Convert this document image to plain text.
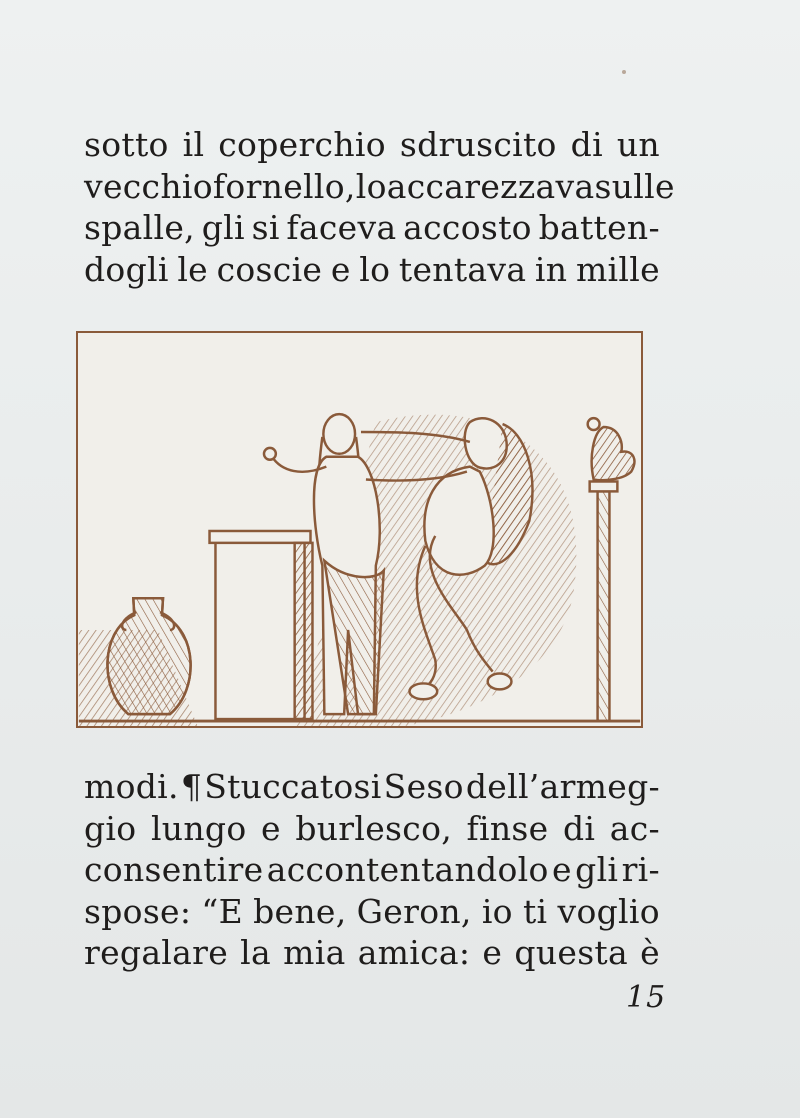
sotto il coperchio sdruscito di un
vecchio fornello, lo accarezzava sulle
spalle, gli si faceva accosto batten-
dogli le coscie e lo tentava in mille
modi. ¶ Stuccatosi Seso dell’armeg-
gio lungo e burlesco, finse di ac-
consentire accontentandolo e gli ri-
spose: “E bene, Geron, io ti voglio
regalare la mia amica: e questa è
15
